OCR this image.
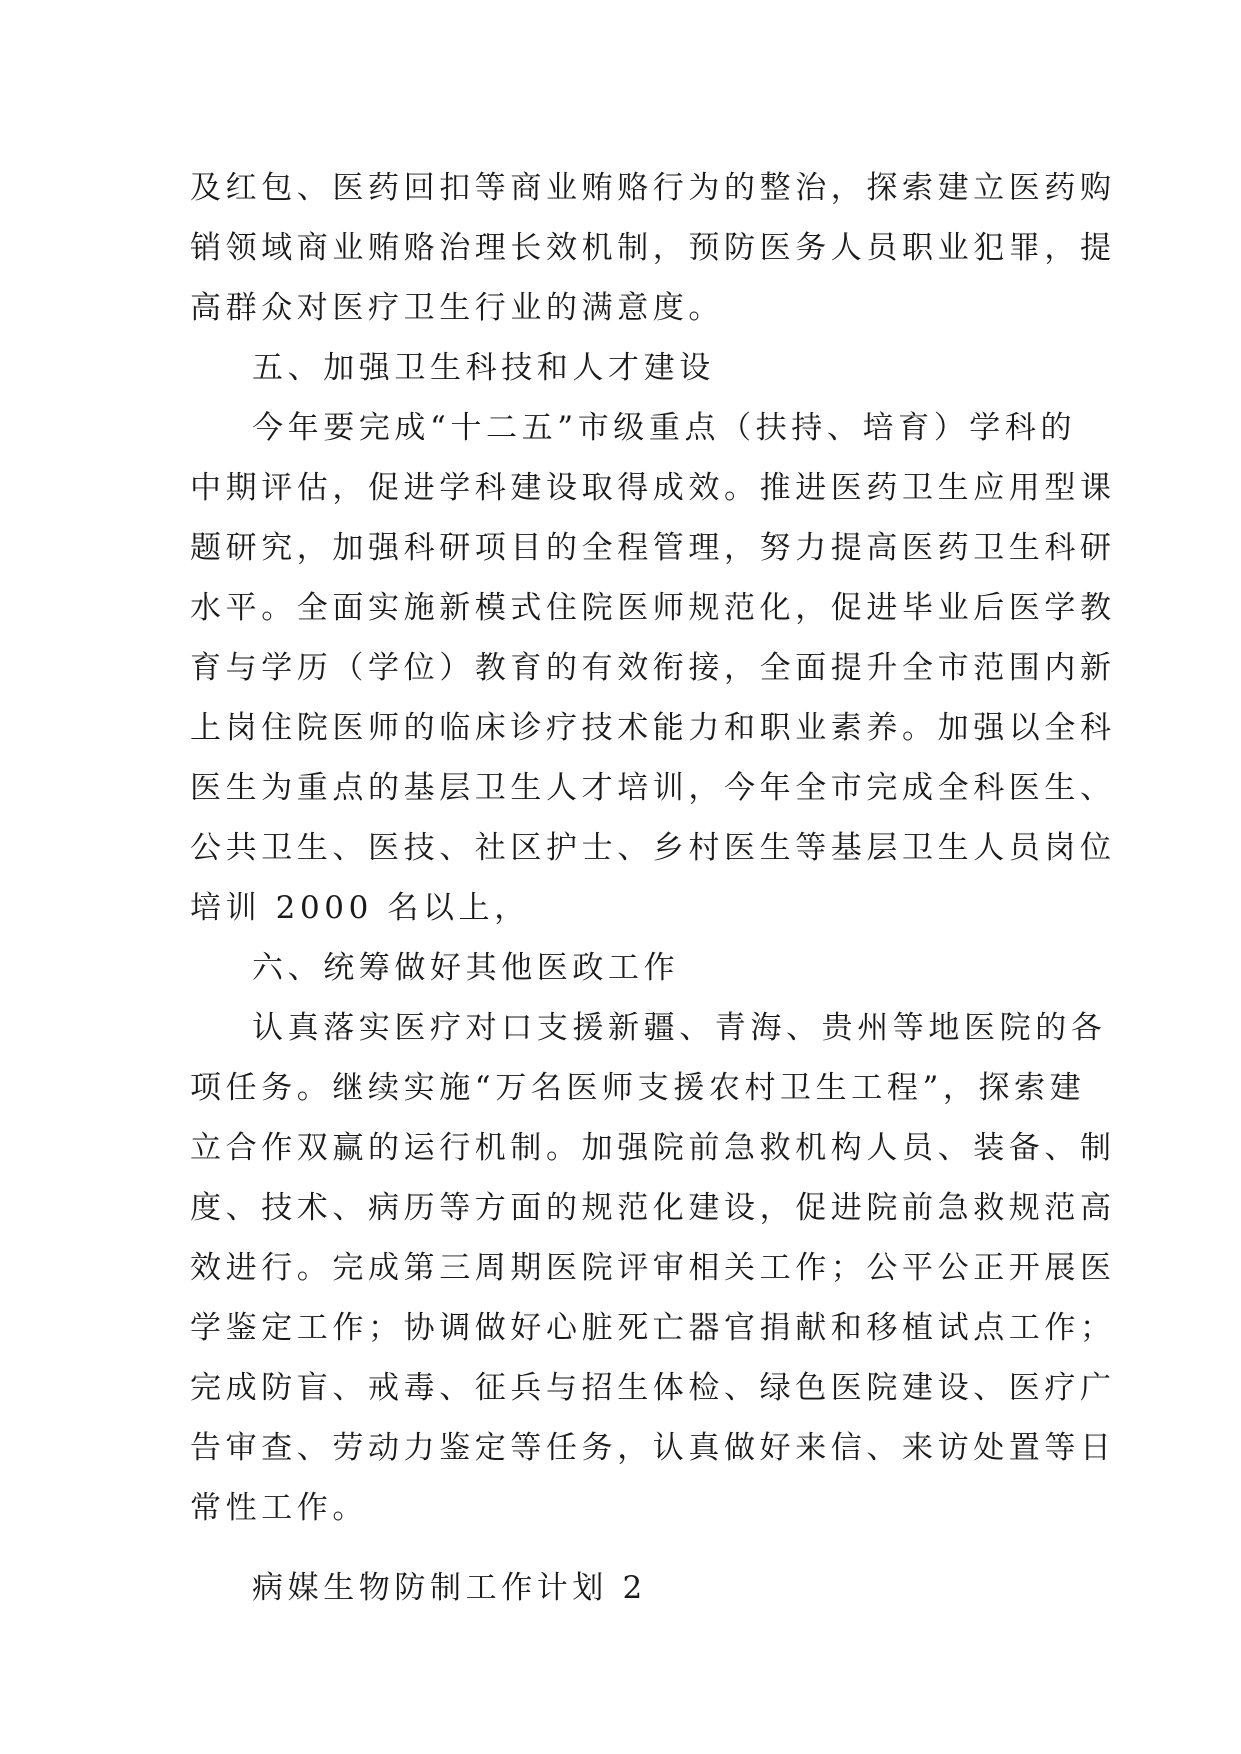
及红包、医药回扣等商业贿赂行为的整治，探索建立医药购
销领域商业贿赂治理长效机制，预防医务人员职业犯罪，提
高群众对医疗卫生行业的满意度。
五、加强卫生科技和人才建设
今年要完成“十二五”市级重点（扶持、培育）学科的
中期评估，促进学科建设取得成效。推进医药卫生应用型课
题研究，加强科研项目的全程管理，努力提高医药卫生科研
水平。全面实施新模式住院医师规范化，促进毕业后医学教
育与学历（学位）教育的有效衔接，全面提升全市范围内新
上岗住院医师的临床诊疗技术能力和职业素养。加强以全科
医生为重点的基层卫生人才培训，今年全市完成全科医生、
公共卫生、医技、社区护士、乡村医生等基层卫生人员岗位
培训 2000 名以上，
六、统筹做好其他医政工作
认真落实医疗对口支援新疆、青海、贵州等地医院的各
项任务。继续实施“万名医师支援农村卫生工程”，探索建
立合作双赢的运行机制。加强院前急救机构人员、装备、制
度、技术、病历等方面的规范化建设，促进院前急救规范高
效进行。完成第三周期医院评审相关工作；公平公正开展医
学鉴定工作；协调做好心脏死亡器官捐献和移植试点工作；
完成防盲、戒毒、征兵与招生体检、绿色医院建设、医疗广
告审查、劳动力鉴定等任务，认真做好来信、来访处置等日
常性工作。
病媒生物防制工作计划 2
